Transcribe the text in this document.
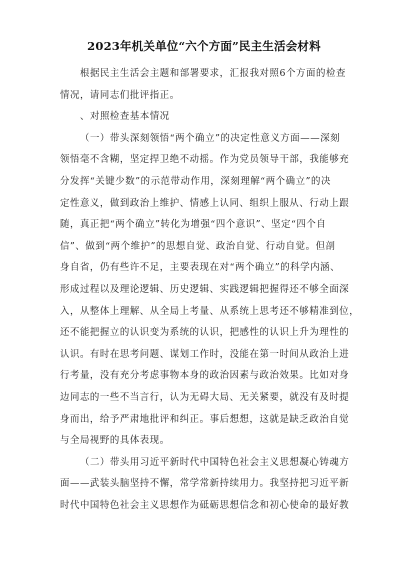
2023年机关单位“六个方面”民主生活会材料
根据民主生活会主题和部署要求，汇报我对照6个方面的检查
情况，请同志们批评指正。
、对照检查基本情况
（一）带头深刻领悟“两个确立”的决定性意义方面——深刻
领悟毫不含糊，坚定捍卫绝不动摇。作为党员领导干部，我能够充
分发挥“关键少数”的示范带动作用，深刻理解“两个确立”的决
定性意义，做到政治上维护、情感上认同、组织上服从、行动上跟
随，真正把“两个确立”转化为增强“四个意识”、坚定“四个自
信”、做到“两个维护”的思想自觉、政治自觉、行动自觉。但剖
身自省，仍有些许不足，主要表现在对“两个确立”的科学内涵、
形成过程以及理论逻辑、历史逻辑、实践逻辑把握得还不够全面深
入，从整体上理解、从全局上考量、从系统上思考还不够精准到位，
还不能把握立的认识变为系统的认识，把感性的认识上升为理性的
认识。有时在思考问题、谋划工作时，没能在第一时间从政治上进
行考量，没有充分考虑事物本身的政治因素与政治效果。比如对身
边同志的一些不当言行，认为无碍大局、无关紧要，就没有及时提
身而出，给予严肃地批评和纠正。事后想想，这就是缺乏政治自觉
与全局视野的具体表现。
（二）带头用习近平新时代中国特色社会主义思想凝心铸魂方
面——武装头脑坚持不懈，常学常新持续用力。我坚持把习近平新
时代中国特色社会主义思想作为砥砺思想信念和初心使命的最好教
